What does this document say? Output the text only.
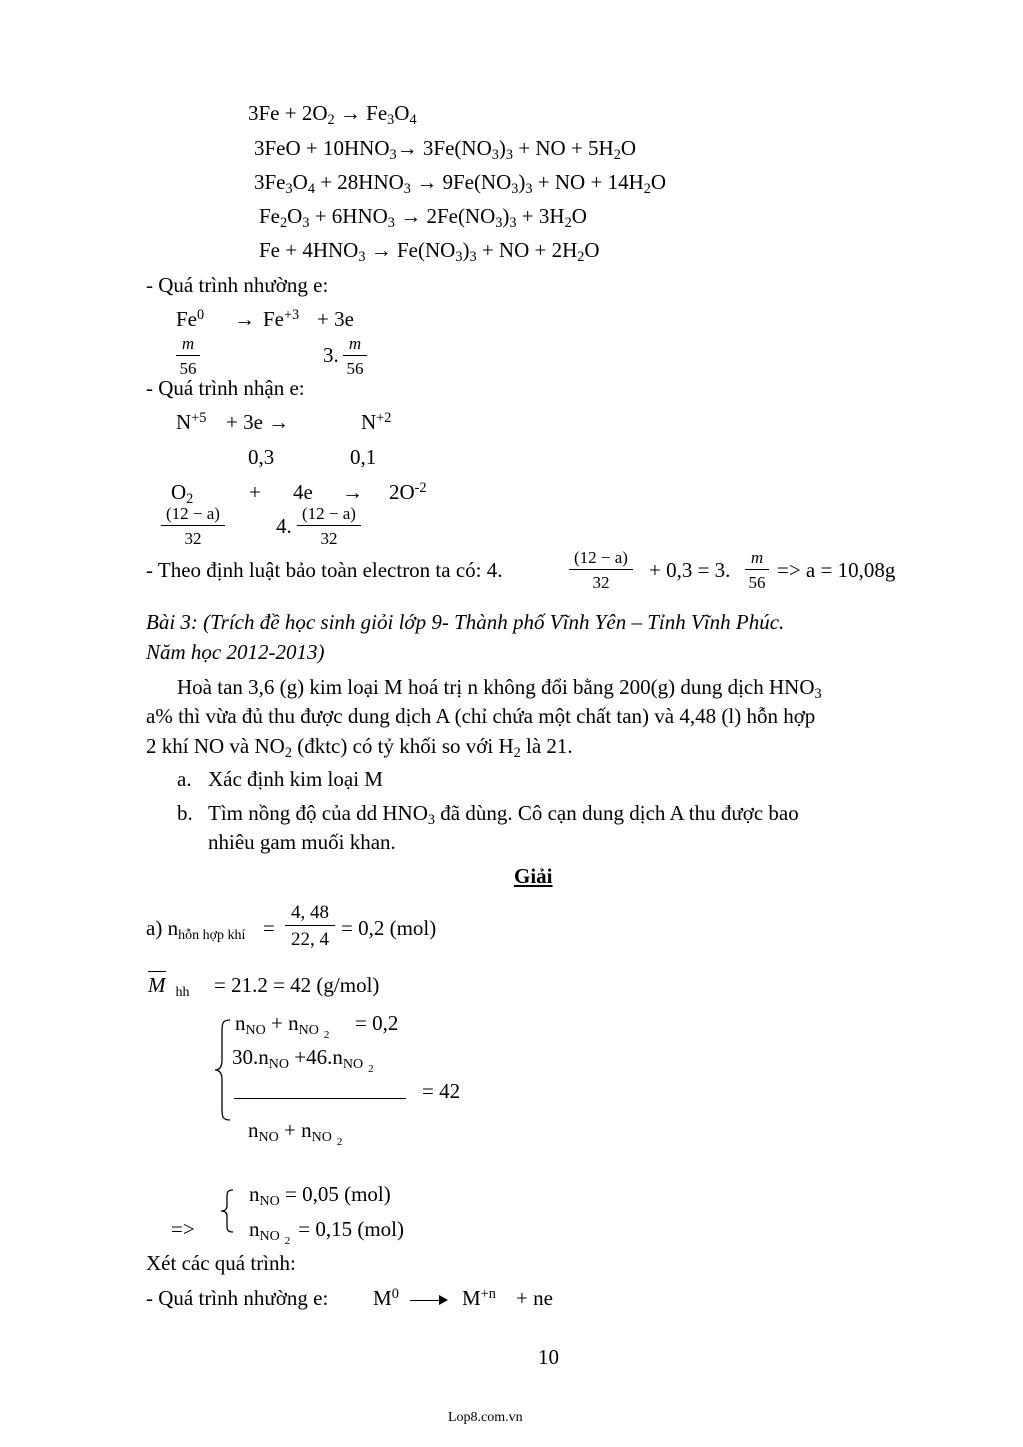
$3Fe + 2O_2 \to Fe_3O_4$
$3FeO + 10HNO_3\to 3Fe(NO_3)_3$ + NO + $5H_2O$
$3Fe_3O_4 + 28HNO_3 \to 9Fe(NO_3)_3$ + NO + $14H_2O$
$Fe_2O_3 + 6HNO_3 \to 2Fe(NO_3)_3 + 3H_2O$
$Fe + 4HNO_3 \to Fe(NO_3)_3$ + NO + $2H_2O$
- Quá trình nhường e:
$Fe^0 \to Fe^{+3} + 3e$
$\frac{m}{56}$	3. $\frac{m}{56}$
- Quá trình nhận e:
$N^{+5} + 3e$ →	$N^{+2}$
0,3	0,1
$O_2$	+ $4e \to 2O^{-2}$
$\frac{(12 - a)}{32} 4$. $\frac{(12 - a)}{32}$
- Theo định luật bảo toàn electron ta có: 4.	$\frac{(12 - a)}{32} + 0,3 = 3$. $\frac{m}{56} => a = 10,08g$
Bài 3: (Trích đề học sinh giỏi lớp 9- Thành phố Vĩnh Yên – Tỉnh Vĩnh Phúc.
Năm học 2012-2013)
Hoà tan 3,6 (g) kim loại M hoá trị n không đổi bằng 200(g) dung dịch $HNO_3$
a% thì vừa đủ thu được dung dịch A (chỉ chứa một chất tan) và 4,48 (l) hỗn hợp
2 khí NO và $NO_2$ (đktc) có tỷ khối so với $H_2$ là 21.
a. Xác định kim loại M
b. Tìm nồng độ của dd $HNO_3$ đã dùng. Cô cạn dung dịch A thu được bao
nhiêu gam muối khan.
Giải
a) $n_{hỗn hợp khí} = \frac{4, 48}{22, 4} = 0,2$ (mol)
M hh = 21.2 = 42 (g/mol)
$n_{NO} + n_{NO}$ $_2$ = 0,2
$30.n_{NO} +46.n_{NO}$ $_2$
= 42
$n_{NO} + n_{NO}$ $_2$
=>
$n_{NO} = 0,05$ (mol)
$n_{NO}$ $_2$ = 0,15 (mol)
Xét các quá trình:
- Quá trình nhường e: $M^0$	$M^{+n}$ + ne
10
Lop8.com.vn
